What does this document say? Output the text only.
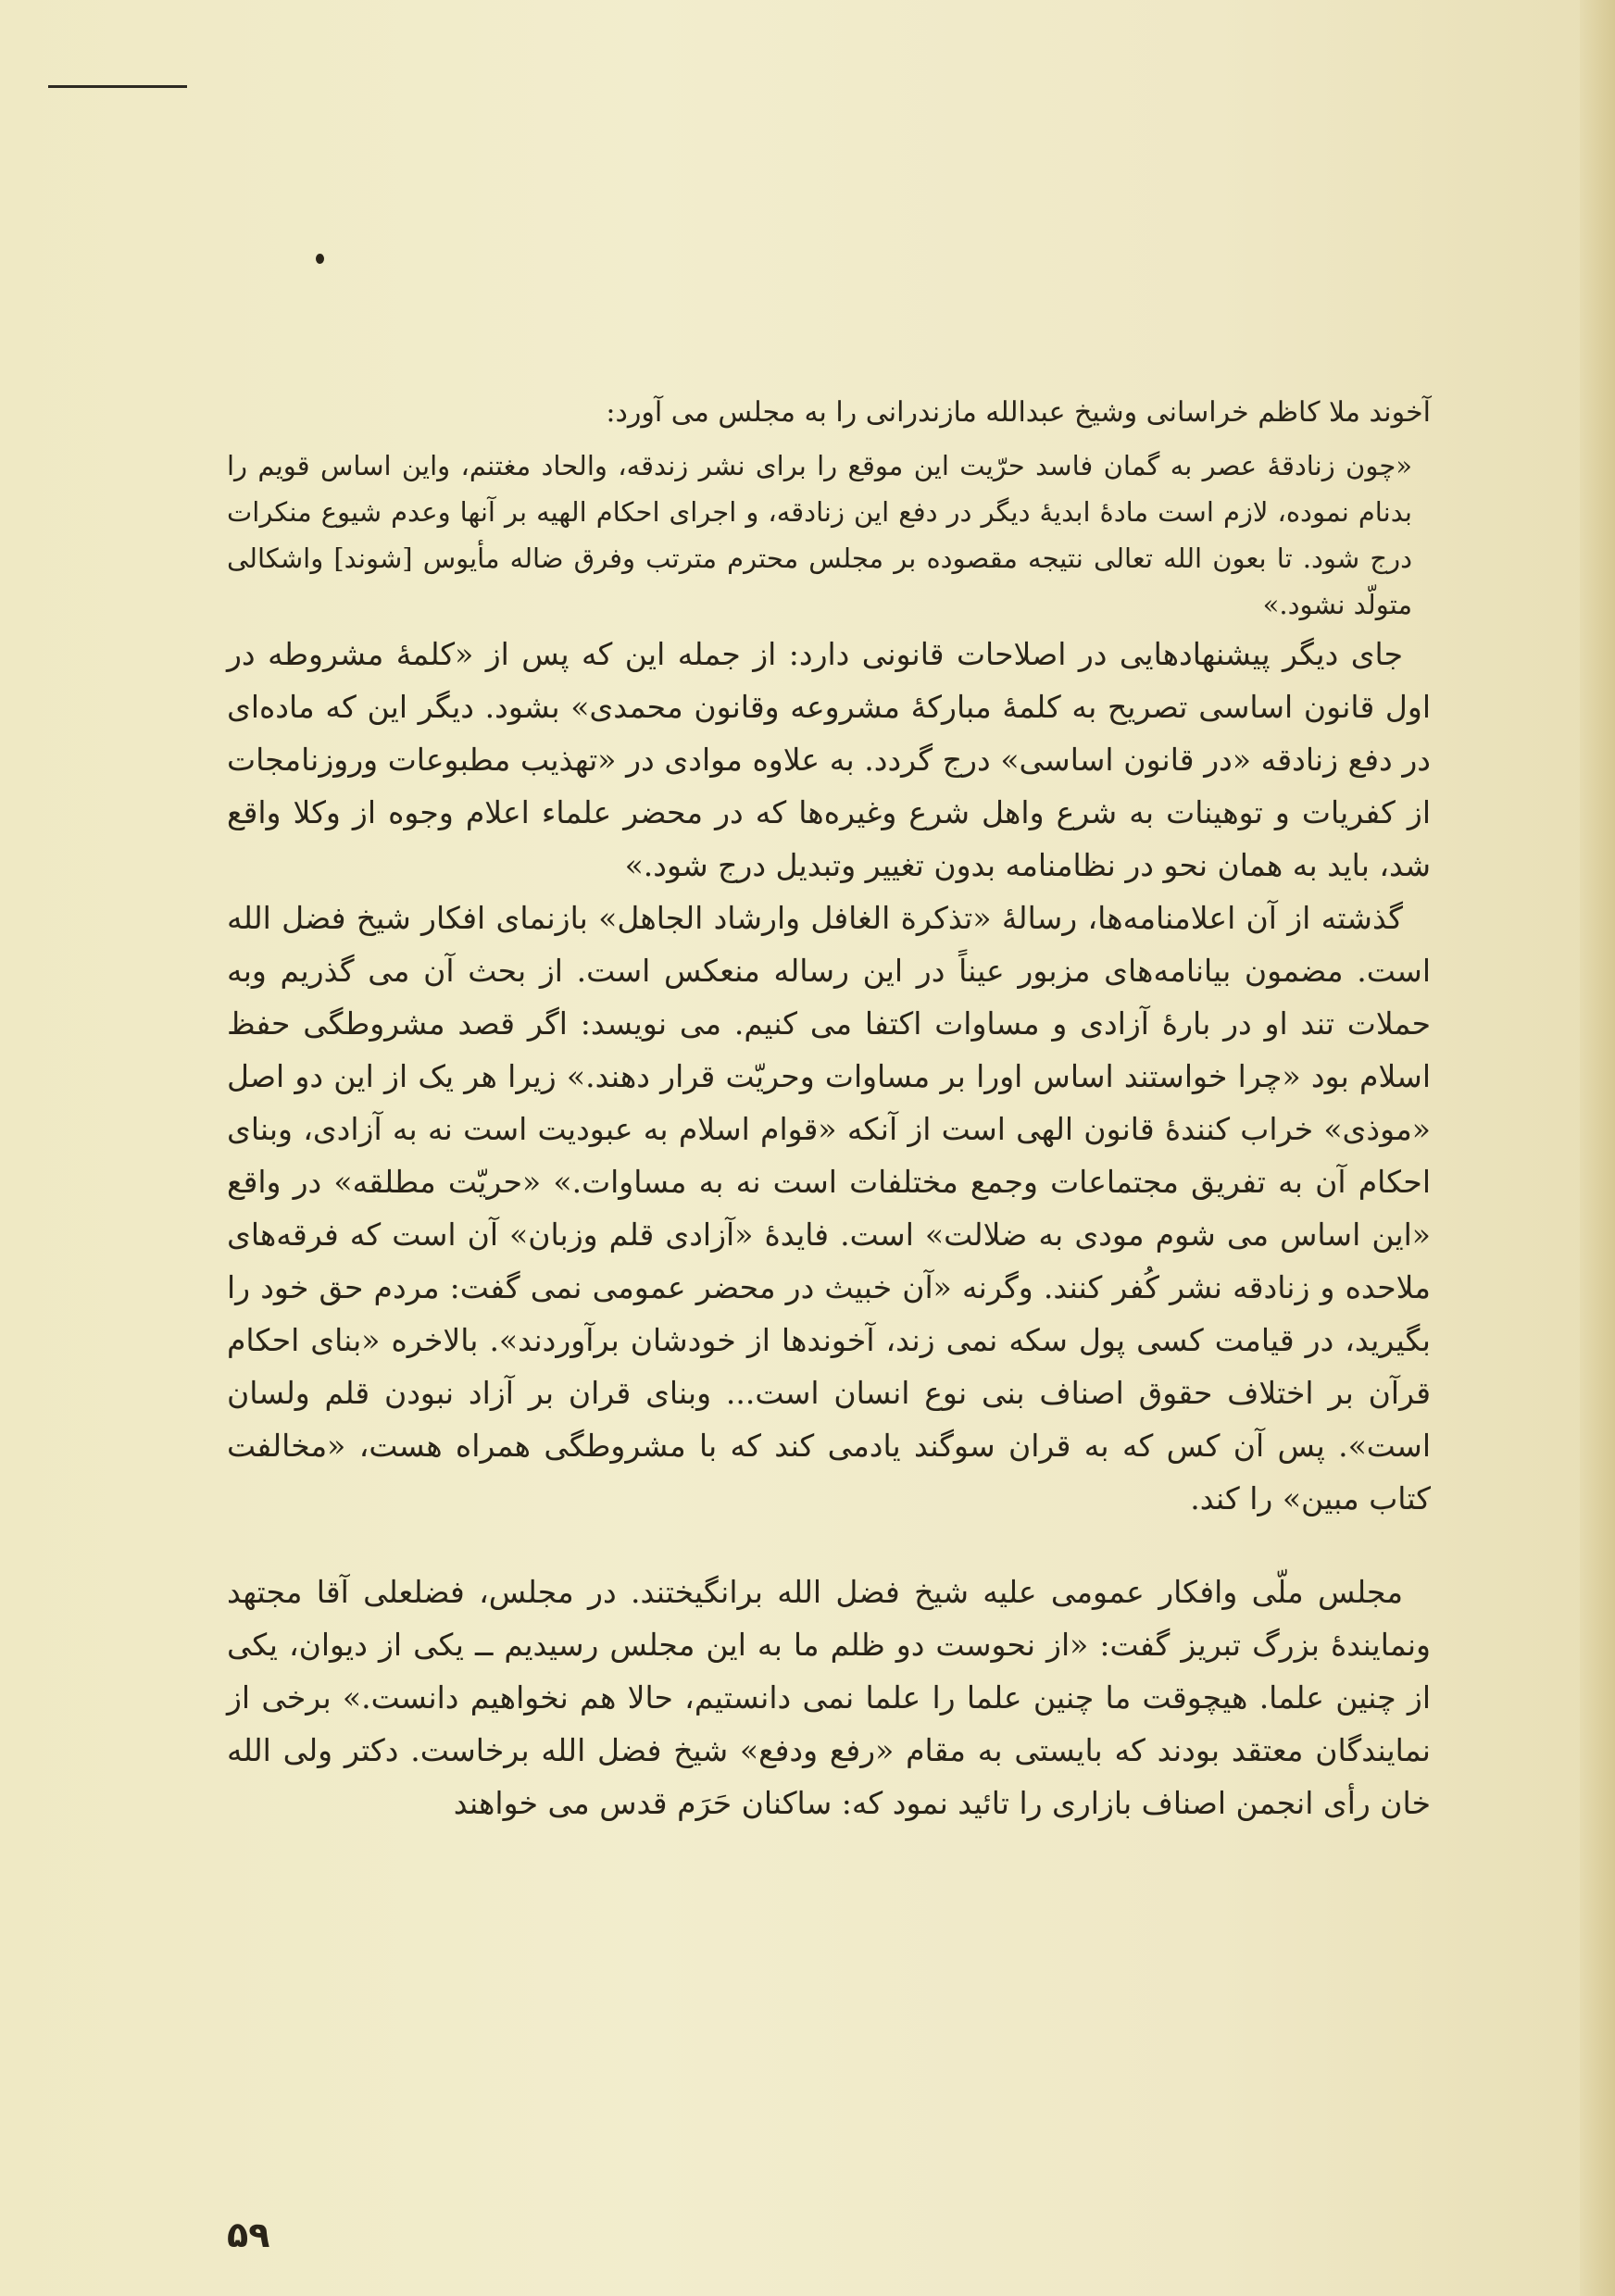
آخوند ملا کاظم خراسانی وشیخ عبدالله مازندرانی را به مجلس می آورد:

«چون زنادقهٔ عصر به گمان فاسد حرّیت این موقع را برای نشر زندقه، والحاد مغتنم، واین اساس قویم را بدنام نموده، لازم است مادهٔ ابدیهٔ دیگر در دفع این زنادقه، و اجرای احکام الهیه بر آنها وعدم شیوع منکرات درج شود. تا بعون الله تعالی نتیجه مقصوده بر مجلس محترم مترتب وفرق ضاله مأیوس [شوند] واشکالی متولّد نشود.»

جای دیگر پیشنهادهایی در اصلاحات قانونی دارد: از جمله این که پس از «کلمهٔ مشروطه در اول قانون اساسی تصریح به کلمهٔ مبارکهٔ مشروعه وقانون محمدی» بشود. دیگر این که ماده‌ای در دفع زنادقه «در قانون اساسی» درج گردد. به علاوه موادی در «تهذیب مطبوعات وروزنامجات از کفریات و توهینات به شرع واهل شرع وغیره‌ها که در محضر علماء اعلام وجوه از وکلا واقع شد، باید به همان نحو در نظامنامه بدون تغییر وتبدیل درج شود.»

گذشته از آن اعلامنامه‌ها، رسالهٔ «تذکرة الغافل وارشاد الجاهل» بازنمای افکار شیخ فضل الله است. مضمون بیانامه‌های مزبور عیناً در این رساله منعکس است. از بحث آن می گذریم وبه حملات تند او در بارهٔ آزادی و مساوات اکتفا می کنیم. می نویسد: اگر قصد مشروطگی حفظ اسلام بود «چرا خواستند اساس اورا بر مساوات وحریّت قرار دهند.» زیرا هر یک از این دو اصل «موذی» خراب کنندهٔ قانون الهی است از آنکه «قوام اسلام به عبودیت است نه به آزادی، وبنای احکام آن به تفریق مجتماعات وجمع مختلفات است نه به مساوات.» «حریّت مطلقه» در واقع «این اساس می شوم مودی به ضلالت» است. فایدهٔ «آزادی قلم وزبان» آن است که فرقه‌های ملاحده و زنادقه نشر کُفر کنند. وگرنه «آن خبیث در محضر عمومی نمی گفت: مردم حق خود را بگیرید، در قیامت کسی پول سکه نمی زند، آخوندها از خودشان برآوردند». بالاخره «بنای احکام قرآن بر اختلاف حقوق اصناف بنی نوع انسان است... وبنای قران بر آزاد نبودن قلم ولسان است». پس آن کس که به قران سوگند یادمی کند که با مشروطگی همراه هست، «مخالفت کتاب مبین» را کند.

مجلس ملّی وافکار عمومی علیه شیخ فضل الله برانگیختند. در مجلس، فضلعلی آقا مجتهد ونمایندهٔ بزرگ تبریز گفت: «از نحوست دو ظلم ما به این مجلس رسیدیم ــ یکی از دیوان، یکی از چنین علما. هیچوقت ما چنین علما را علما نمی دانستیم، حالا هم نخواهیم دانست.» برخی از نمایندگان معتقد بودند که بایستی به مقام «رفع ودفع» شیخ فضل الله برخاست. دکتر ولی الله خان رأی انجمن اصناف بازاری را تائید نمود که: ساکنان حَرَم قدس می خواهند

۵۹
